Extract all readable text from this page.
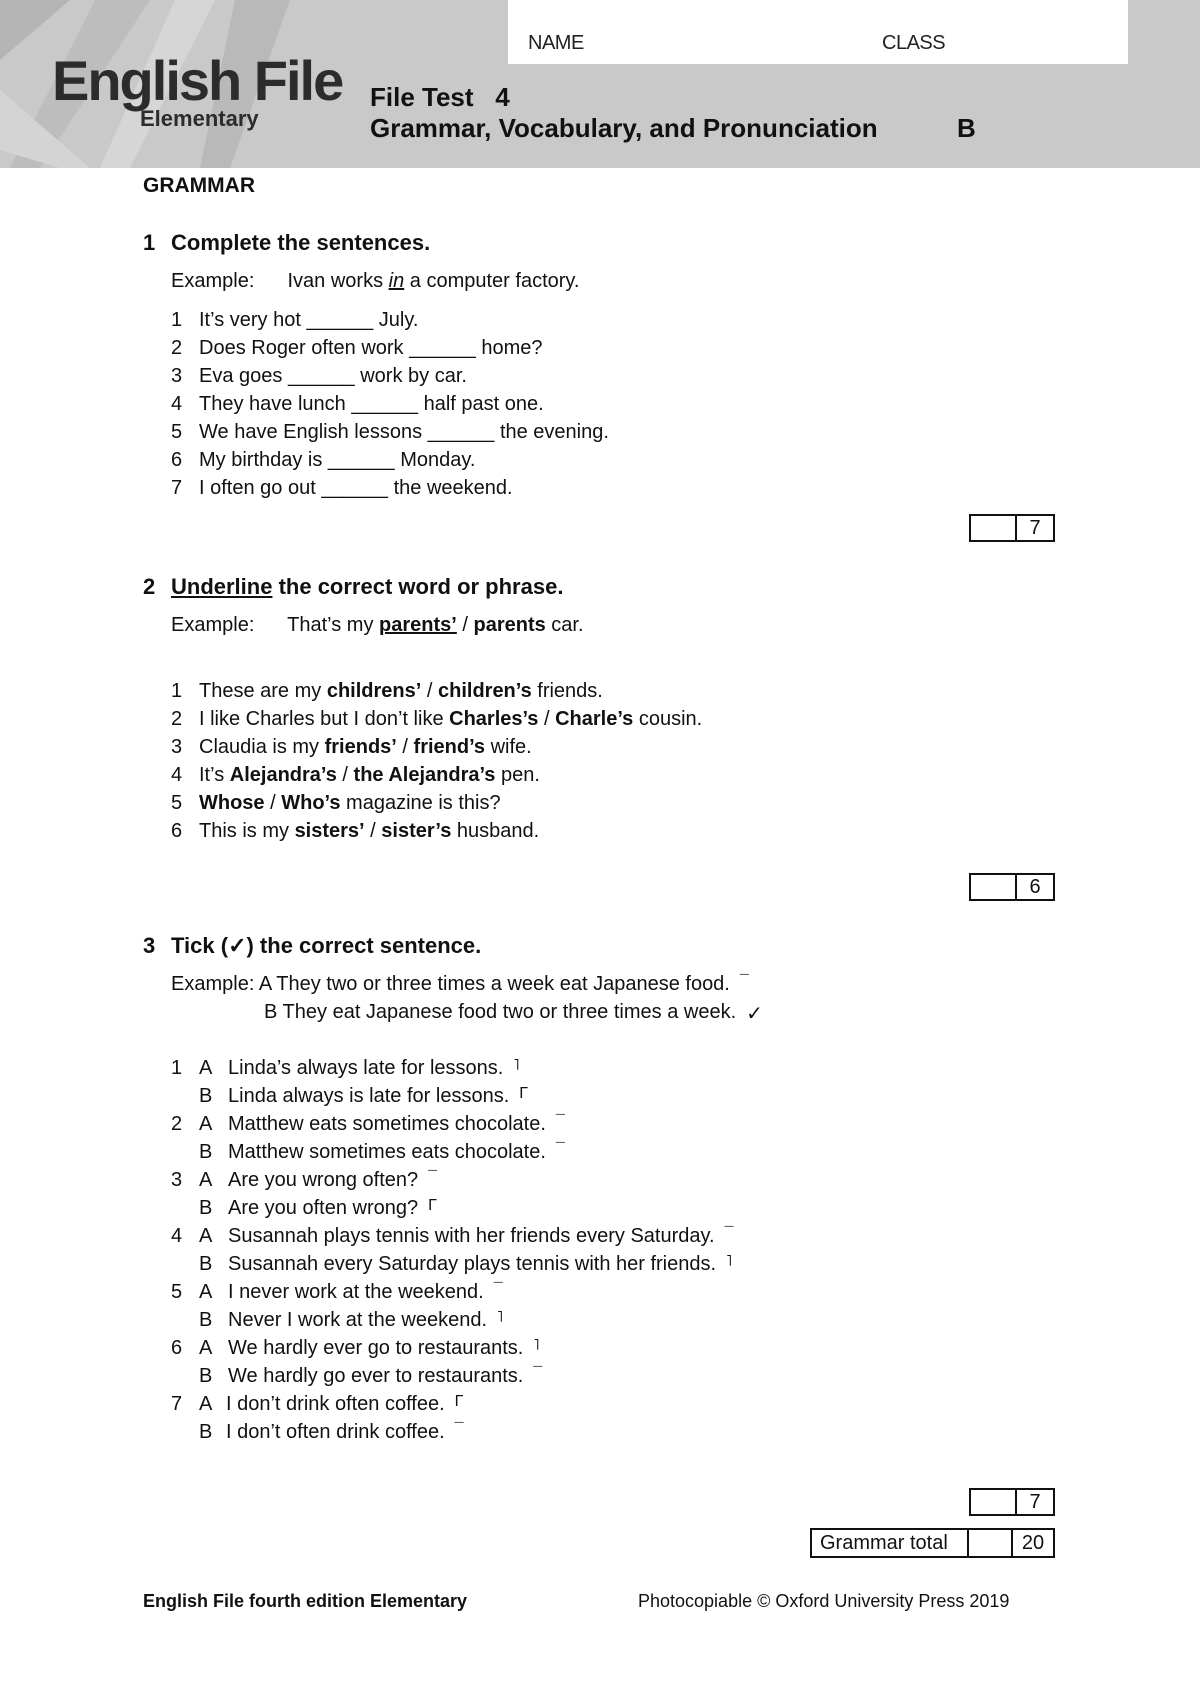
English File
Elementary
NAME	CLASS
File Test   4
Grammar, Vocabulary, and Pronunciation	B
GRAMMAR
1 Complete the sentences.
Example: Ivan works in a computer factory.
1 It’s very hot ______ July.
2 Does Roger often work ______ home?
3 Eva goes ______ work by car.
4 They have lunch ______ half past one.
5 We have English lessons ______ the evening.
6 My birthday is ______ Monday.
7 I often go out ______ the weekend.
7
2 Underline the correct word or phrase.
Example: That’s my parents’ / parents car.
1 These are my childrens’ / children’s friends.
2 I like Charles but I don’t like Charles’s / Charle’s cousin.
3 Claudia is my friends’ / friend’s wife.
4 It’s Alejandra’s / the Alejandra’s pen.
5 Whose / Who’s magazine is this?
6 This is my sisters’ / sister’s husband.
6
3 Tick (✓) the correct sentence.
Example: A They two or three times a week eat Japanese food. ¯
B They eat Japanese food two or three times a week. ✓
1 A Linda’s always late for lessons. ˥
B Linda always is late for lessons. Γ
2 A Matthew eats sometimes chocolate. ¯
B Matthew sometimes eats chocolate. ¯
3 A Are you wrong often? ¯
B Are you often wrong? Γ
4 A Susannah plays tennis with her friends every Saturday. ¯
B Susannah every Saturday plays tennis with her friends. ˥
5 A I never work at the weekend. ¯
B Never I work at the weekend. ˥
6 A We hardly ever go to restaurants. ˥
B We hardly go ever to restaurants. ¯
7 A I don’t drink often coffee. Γ
B I don’t often drink coffee. ¯
7
Grammar total	20
English File fourth edition Elementary	Photocopiable © Oxford University Press 2019
